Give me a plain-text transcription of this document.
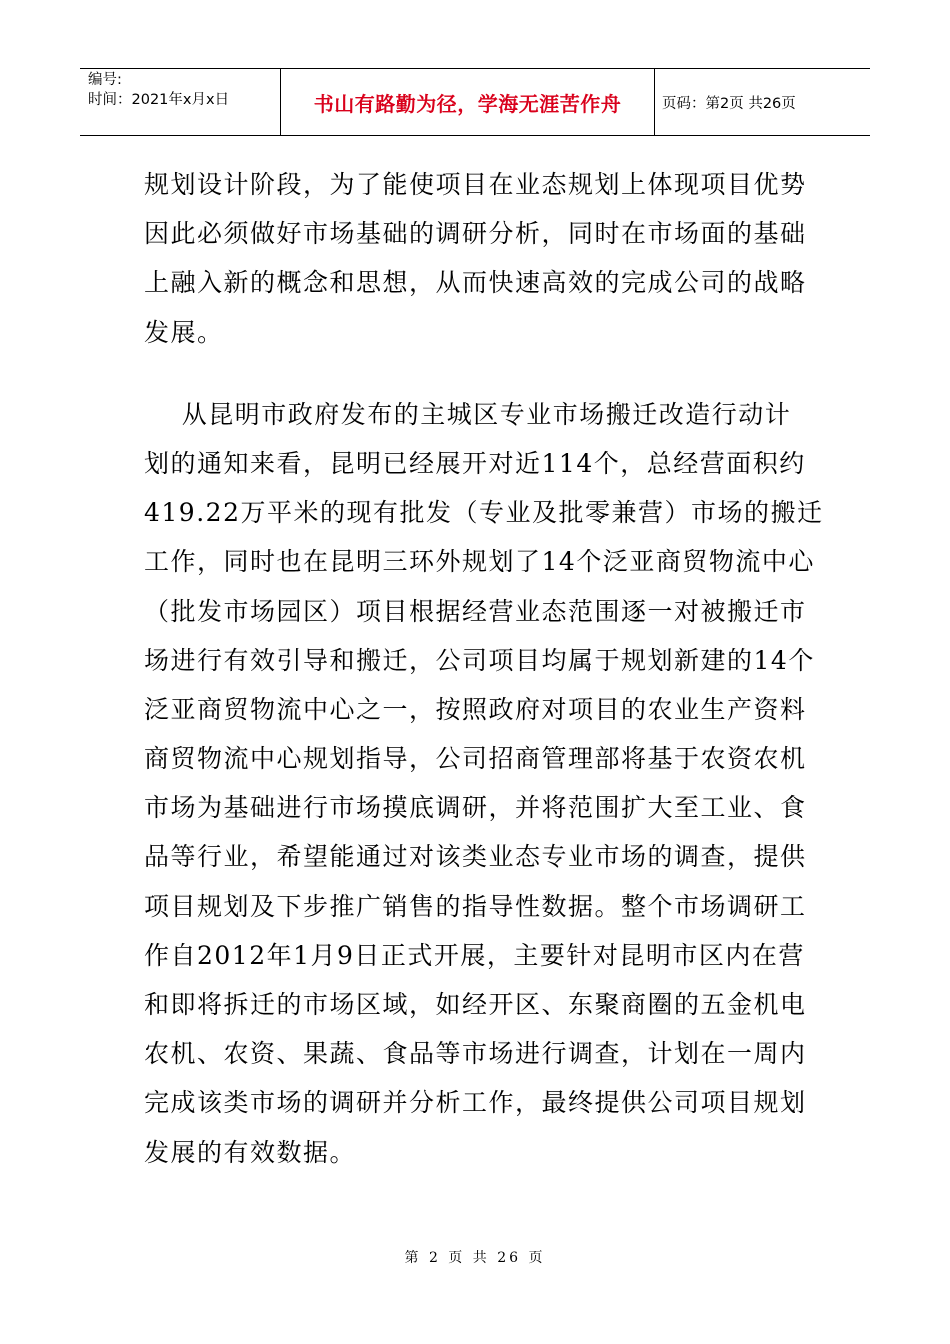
编号:
时间：2021年x月x日	书山有路勤为径，学海无涯苦作舟	页码：第2页 共26页
规划设计阶段，为了能使项目在业态规划上体现项目优势
因此必须做好市场基础的调研分析，同时在市场面的基础
上融入新的概念和思想，从而快速高效的完成公司的战略
发展。
从昆明市政府发布的主城区专业市场搬迁改造行动计
划的通知来看，昆明已经展开对近114个，总经营面积约
419.22万平米的现有批发（专业及批零兼营）市场的搬迁
工作，同时也在昆明三环外规划了14个泛亚商贸物流中心
（批发市场园区）项目根据经营业态范围逐一对被搬迁市
场进行有效引导和搬迁，公司项目均属于规划新建的14个
泛亚商贸物流中心之一，按照政府对项目的农业生产资料
商贸物流中心规划指导，公司招商管理部将基于农资农机
市场为基础进行市场摸底调研，并将范围扩大至工业、食
品等行业，希望能通过对该类业态专业市场的调查，提供
项目规划及下步推广销售的指导性数据。整个市场调研工
作自2012年1月9日正式开展，主要针对昆明市区内在营
和即将拆迁的市场区域，如经开区、东聚商圈的五金机电
农机、农资、果蔬、食品等市场进行调查，计划在一周内
完成该类市场的调研并分析工作，最终提供公司项目规划
发展的有效数据。
第 2 页 共 26 页
